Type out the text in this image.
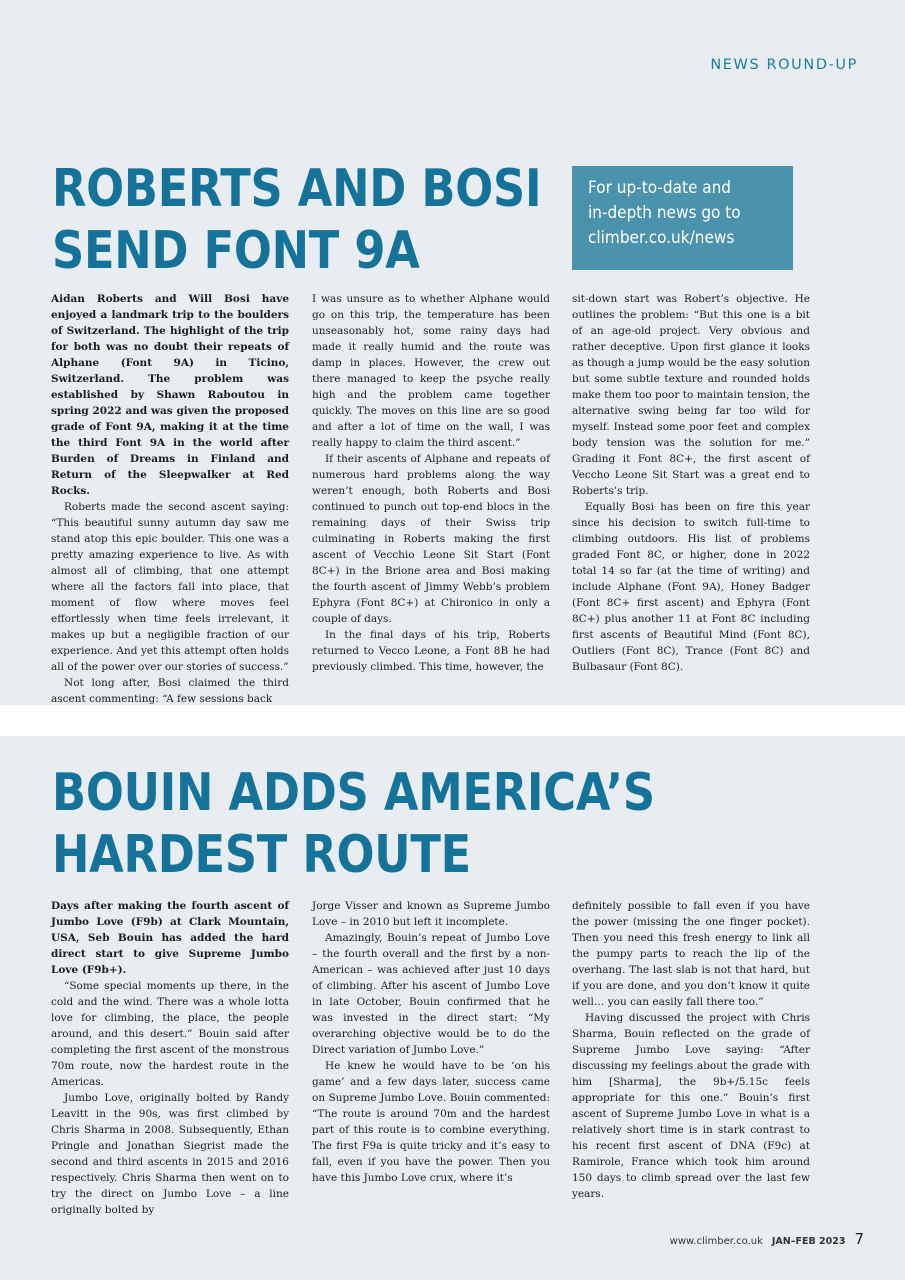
NEWS ROUND-UP
ROBERTS AND BOSI
SEND FONT 9A
For up-to-date and
in-depth news go to
climber.co.uk/news

Aidan Roberts and Will Bosi have enjoyed a landmark trip to the boulders of Switzerland. The highlight of the trip for both was no doubt their repeats of Alphane (Font 9A) in Ticino, Switzerland. The problem was established by Shawn Raboutou in spring 2022 and was given the proposed grade of Font 9A, making it at the time the third Font 9A in the world after Burden of Dreams in Finland and Return of the Sleepwalker at Red Rocks.

Roberts made the second ascent saying: “This beautiful sunny autumn day saw me stand atop this epic boulder. This one was a pretty amazing experience to live. As with almost all of climbing, that one attempt where all the factors fall into place, that moment of flow where moves feel effortlessly when time feels irrelevant, it makes up but a negligible fraction of our experience. And yet this attempt often holds all of the power over our stories of success.”

Not long after, Bosi claimed the third ascent commenting: “A few sessions back

I was unsure as to whether Alphane would go on this trip, the temperature has been unseasonably hot, some rainy days had made it really humid and the route was damp in places. However, the crew out there managed to keep the psyche really high and the problem came together quickly. The moves on this line are so good and after a lot of time on the wall, I was really happy to claim the third ascent.”

If their ascents of Alphane and repeats of numerous hard problems along the way weren’t enough, both Roberts and Bosi continued to punch out top-end blocs in the remaining days of their Swiss trip culminating in Roberts making the first ascent of Vecchio Leone Sit Start (Font 8C+) in the Brione area and Bosi making the fourth ascent of Jimmy Webb’s problem Ephyra (Font 8C+) at Chironico in only a couple of days.

In the final days of his trip, Roberts returned to Vecco Leone, a Font 8B he had previously climbed. This time, however, the

sit-down start was Robert’s objective. He outlines the problem: “But this one is a bit of an age-old project. Very obvious and rather deceptive. Upon first glance it looks as though a jump would be the easy solution but some subtle texture and rounded holds make them too poor to maintain tension, the alternative swing being far too wild for myself. Instead some poor feet and complex body tension was the solution for me.” Grading it Font 8C+, the first ascent of Veccho Leone Sit Start was a great end to Roberts’s trip.

Equally Bosi has been on fire this year since his decision to switch full-time to climbing outdoors. His list of problems graded Font 8C, or higher, done in 2022 total 14 so far (at the time of writing) and include Alphane (Font 9A), Honey Badger (Font 8C+ first ascent) and Ephyra (Font 8C+) plus another 11 at Font 8C including first ascents of Beautiful Mind (Font 8C), Outliers (Font 8C), Trance (Font 8C) and Bulbasaur (Font 8C).

BOUIN ADDS AMERICA’S
HARDEST ROUTE

Days after making the fourth ascent of Jumbo Love (F9b) at Clark Mountain, USA, Seb Bouin has added the hard direct start to give Supreme Jumbo Love (F9b+).

“Some special moments up there, in the cold and the wind. There was a whole lotta love for climbing, the place, the people around, and this desert.” Bouin said after completing the first ascent of the monstrous 70m route, now the hardest route in the Americas.

Jumbo Love, originally bolted by Randy Leavitt in the 90s, was first climbed by Chris Sharma in 2008. Subsequently, Ethan Pringle and Jonathan Siegrist made the second and third ascents in 2015 and 2016 respectively. Chris Sharma then went on to try the direct on Jumbo Love – a line originally bolted by

Jorge Visser and known as Supreme Jumbo Love – in 2010 but left it incomplete.

Amazingly, Bouin’s repeat of Jumbo Love – the fourth overall and the first by a non-American – was achieved after just 10 days of climbing. After his ascent of Jumbo Love in late October, Bouin confirmed that he was invested in the direct start: “My overarching objective would be to do the Direct variation of Jumbo Love.”

He knew he would have to be ‘on his game’ and a few days later, success came on Supreme Jumbo Love. Bouin commented: “The route is around 70m and the hardest part of this route is to combine everything. The first F9a is quite tricky and it’s easy to fall, even if you have the power. Then you have this Jumbo Love crux, where it’s

definitely possible to fall even if you have the power (missing the one finger pocket). Then you need this fresh energy to link all the pumpy parts to reach the lip of the overhang. The last slab is not that hard, but if you are done, and you don’t know it quite well… you can easily fall there too.”

Having discussed the project with Chris Sharma, Bouin reflected on the grade of Supreme Jumbo Love saying: “After discussing my feelings about the grade with him [Sharma], the 9b+/5.15c feels appropriate for this one.” Bouin’s first ascent of Supreme Jumbo Love in what is a relatively short time is in stark contrast to his recent first ascent of DNA (F9c) at Ramirole, France which took him around 150 days to climb spread over the last few years.

www.climber.co.uk JAN–FEB 2023 7
